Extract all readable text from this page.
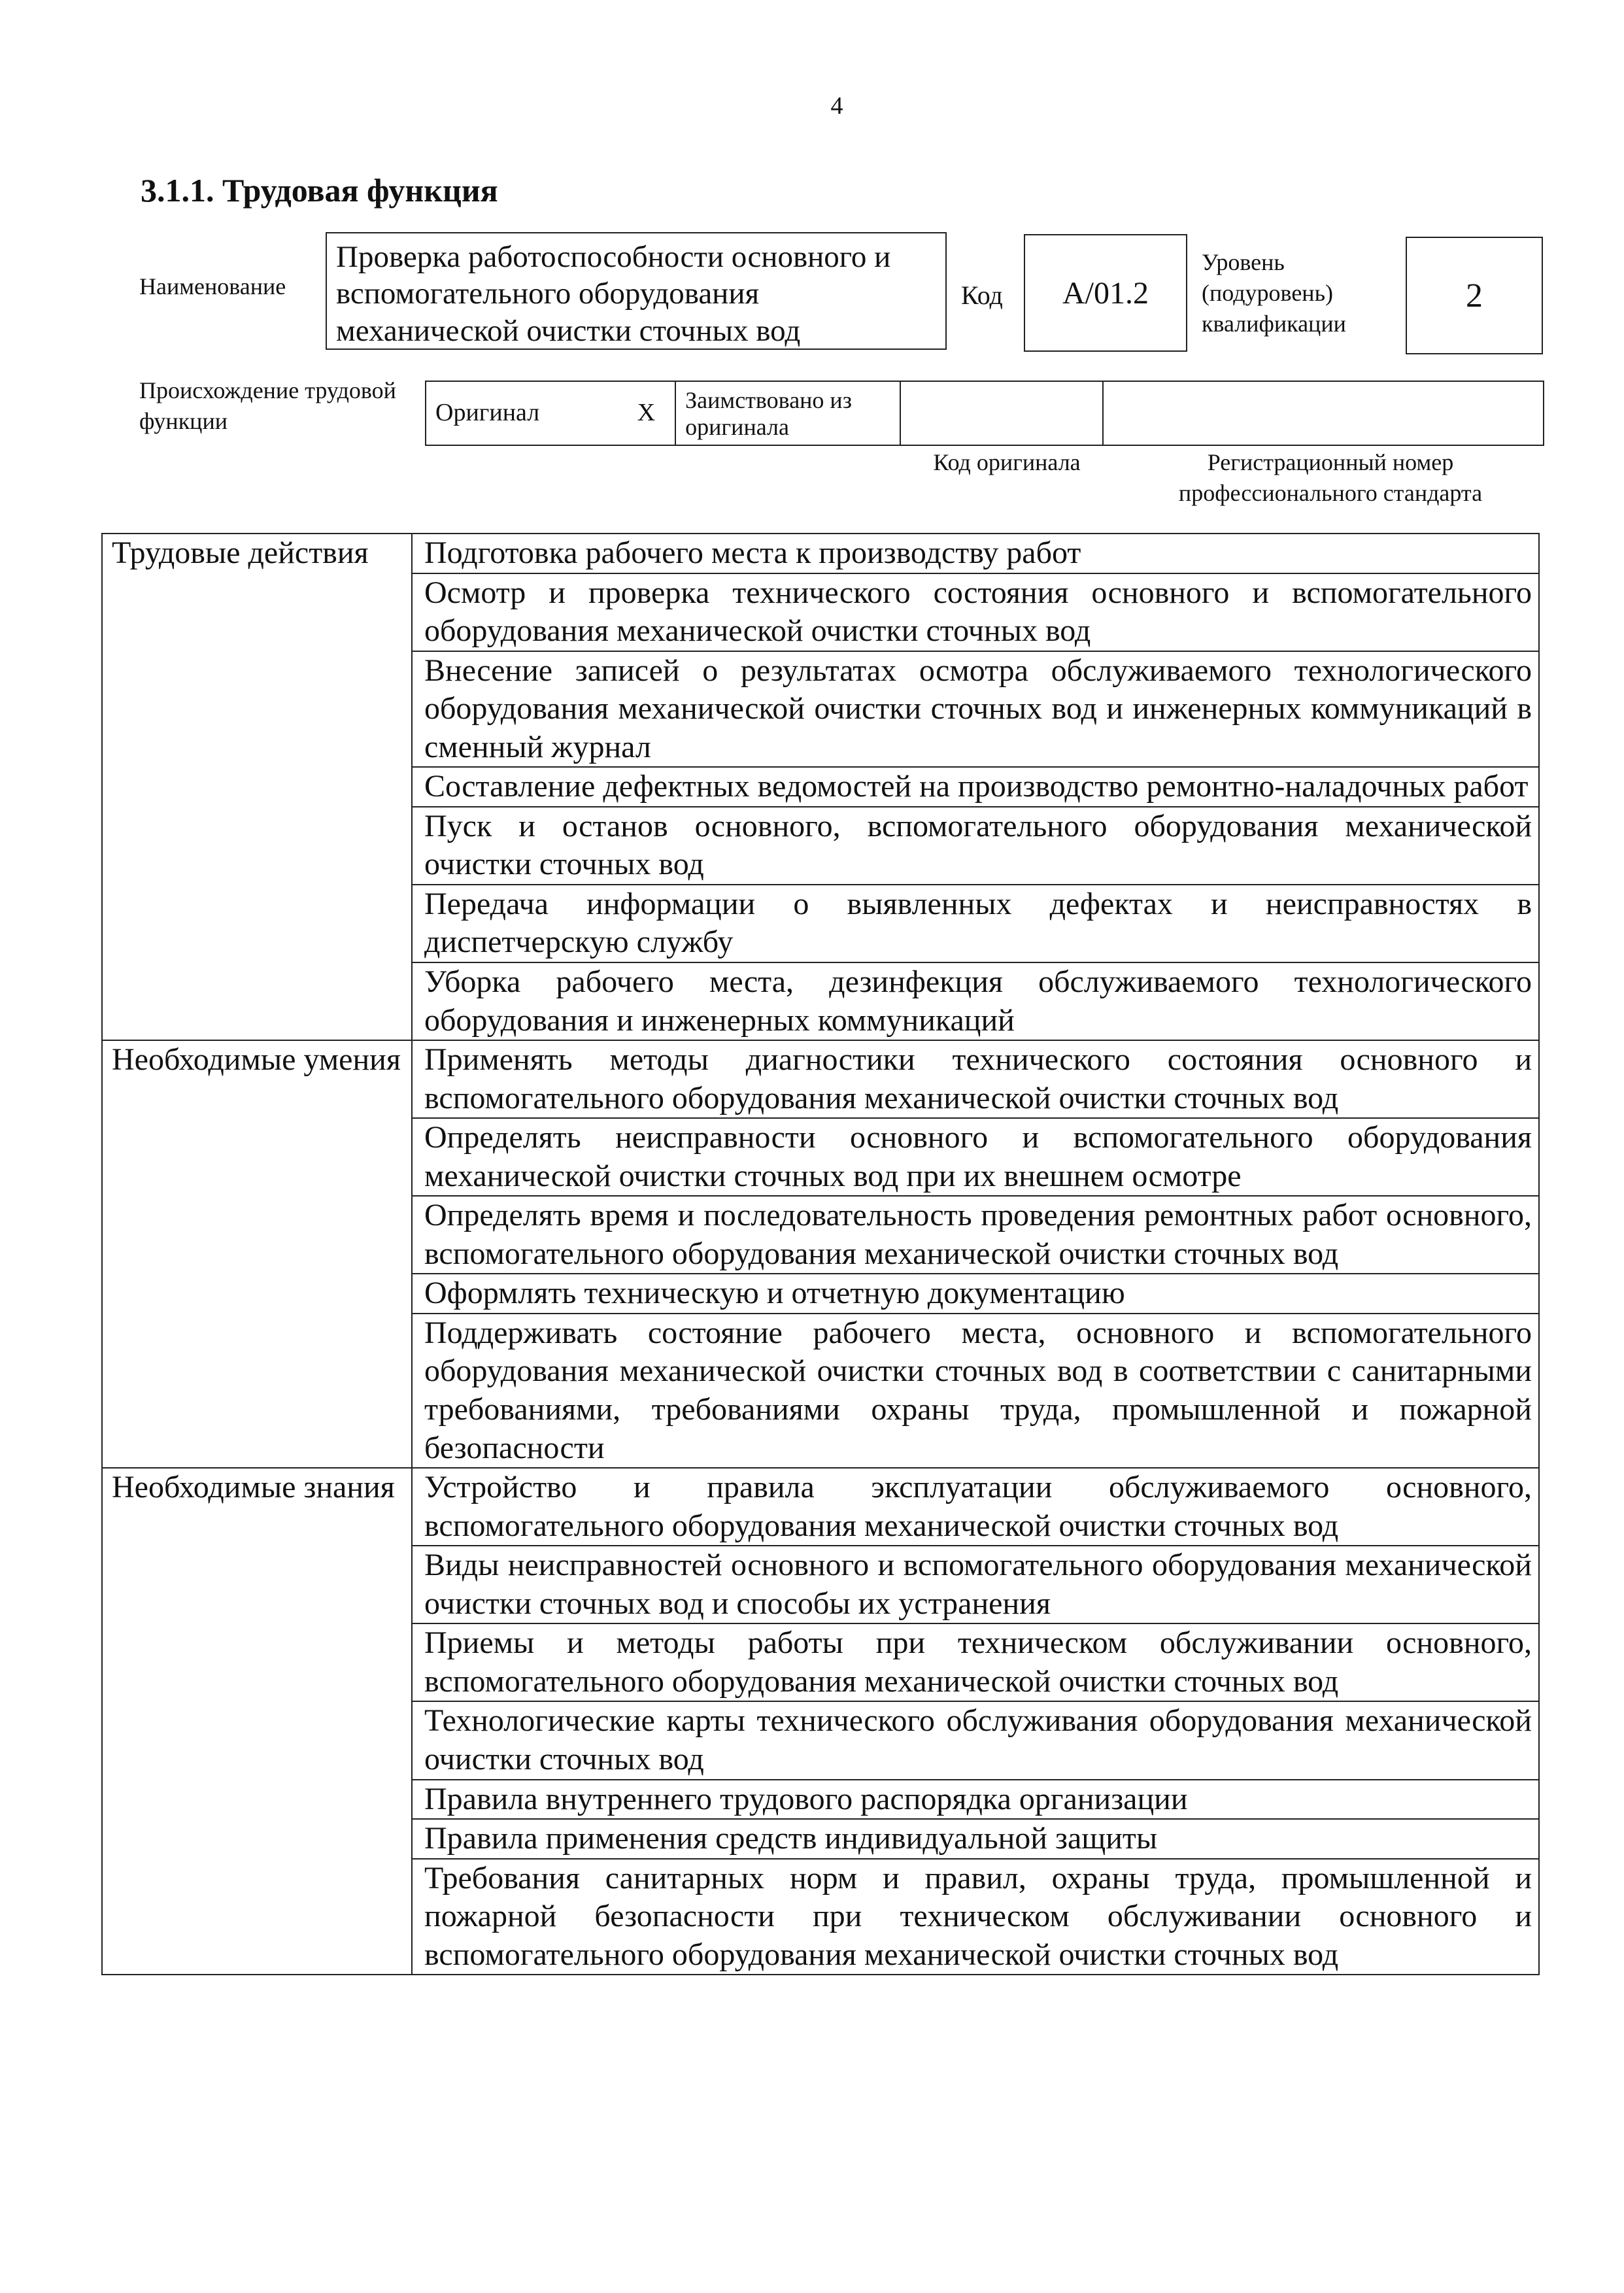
4
3.1.1. Трудовая функция
Наименование
Проверка работоспособности основного и вспомогательного оборудования механической очистки сточных вод
Код	А/01.2
Уровень (подуровень) квалификации
2
Происхождение трудовой функции	Оригинал	Х	Заимствовано из оригинала
Код оригинала	Регистрационный номер профессионального стандарта
Трудовые действия	Подготовка рабочего места к производству работ
	Осмотр и проверка технического состояния основного и вспомогательного оборудования механической очистки сточных вод
	Внесение записей о результатах осмотра обслуживаемого технологического оборудования механической очистки сточных вод и инженерных коммуникаций в сменный журнал
	Составление дефектных ведомостей на производство ремонтно-наладочных работ
	Пуск и останов основного, вспомогательного оборудования механической очистки сточных вод
	Передача информации о выявленных дефектах и неисправностях в диспетчерскую службу
	Уборка рабочего места, дезинфекция обслуживаемого технологического оборудования и инженерных коммуникаций
Необходимые умения	Применять методы диагностики технического состояния основного и вспомогательного оборудования механической очистки сточных вод
	Определять неисправности основного и вспомогательного оборудования механической очистки сточных вод при их внешнем осмотре
	Определять время и последовательность проведения ремонтных работ основного, вспомогательного оборудования механической очистки сточных вод
	Оформлять техническую и отчетную документацию
	Поддерживать состояние рабочего места, основного и вспомогательного оборудования механической очистки сточных вод в соответствии с санитарными требованиями, требованиями охраны труда, промышленной и пожарной безопасности
Необходимые знания	Устройство и правила эксплуатации обслуживаемого основного, вспомогательного оборудования механической очистки сточных вод
	Виды неисправностей основного и вспомогательного оборудования механической очистки сточных вод и способы их устранения
	Приемы и методы работы при техническом обслуживании основного, вспомогательного оборудования механической очистки сточных вод
	Технологические карты технического обслуживания оборудования механической очистки сточных вод
	Правила внутреннего трудового распорядка организации
	Правила применения средств индивидуальной защиты
	Требования санитарных норм и правил, охраны труда, промышленной и пожарной безопасности при техническом обслуживании основного и вспомогательного оборудования механической очистки сточных вод
